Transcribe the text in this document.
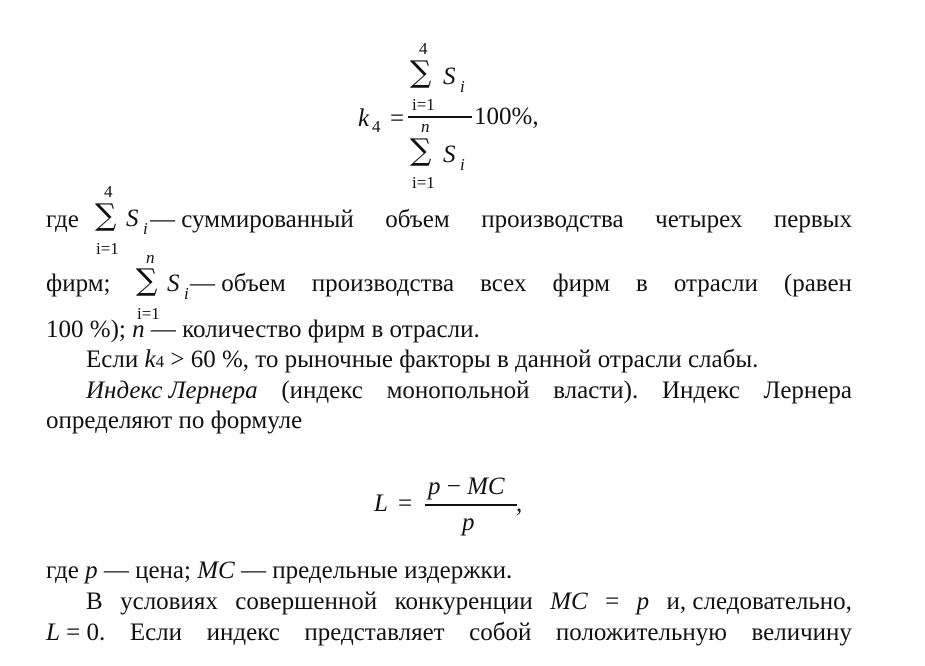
k 4 =
4
∑ S i
i=1
n
∑ S i
i=1
100%,
где
4
∑ S i
i=1
— суммированный объем производства четырех первых
фирм;
n
∑ S i
i=1
— объем производства всех фирм в отрасли (равен
100 %); n — количество фирм в отрасли.
Если k4 > 60 %, то рыночные факторы в данной отрасли слабы.
Индекс Лернера (индекс монопольной власти). Индекс Лернера
определяют по формуле
L =
p − MC
p
,
где p — цена; MC — предельные издержки.
В условиях совершенной конкуренции MC = p и, следовательно,
L = 0. Если индекс представляет собой положительную величину
